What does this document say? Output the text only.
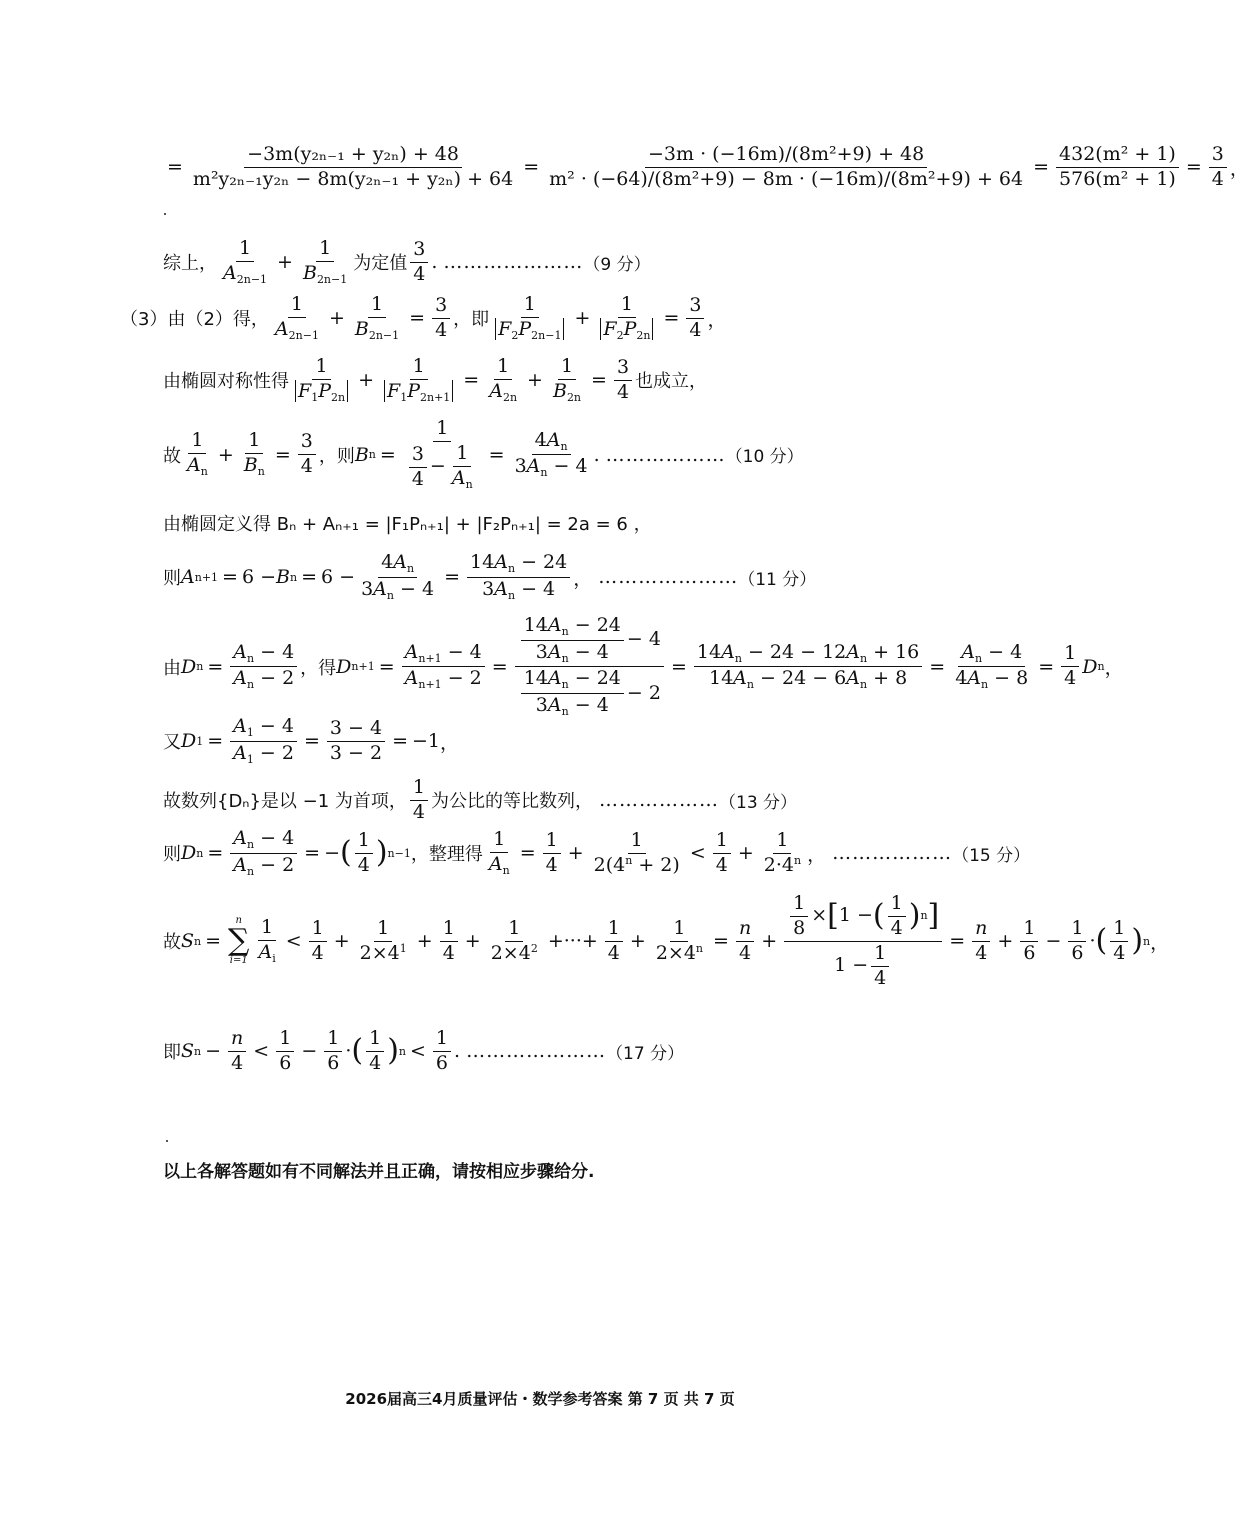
= $\frac{\text{−3m(y₂ₙ₋₁ + y₂ₙ) + 48}}{\text{m²y₂ₙ₋₁y₂ₙ − 8m(y₂ₙ₋₁ + y₂ₙ) + 64}} = \frac{\text{−3m · (−16m)/(8m²+9) + 48}}{\text{m² · (−64)/(8m²+9) − 8m · (−16m)/(8m²+9) + 64}} = \frac{\text{432(m² + 1)}}{\text{576(m² + 1)}} = \frac{3}{4}$ ，
综上， $\frac{1}{A_{2n-1}} + \frac{1}{B_{2n-1}}$ 为定值 $\frac{3}{4}$ . ………………… （9 分）
（3）由（2）得， $\frac{1}{A_{2n-1}} + \frac{1}{B_{2n-1}} = \frac{3}{4}$ ， 即 $\frac{1}{F_2P_{2n-1}} + \frac{1}{F_2P_{2n}} = \frac{3}{4}$ ，
由椭圆对称性得 $\frac{1}{F_1P_{2n}} + \frac{1}{F_1P_{2n+1}} = \frac{1}{A_{2n}} + \frac{1}{B_{2n}} = \frac{3}{4}$ 也成立，
故 $\frac{1}{A_n} + \frac{1}{B_n} = \frac{3}{4}$ ，则 B $n = \frac{1}{\frac{3}{4} - \frac{1}{A_n}} = \frac{4A_n}{3A_n - 4}$ . ……………… （10 分）
由椭圆定义得 Bₙ + Aₙ₊₁ = |F₁Pₙ₊₁| + |F₂Pₙ₊₁| = 2a = 6 ，
则 A n+1 = 6 − B $n = 6 - \frac{4A_n}{3A_n - 4} = \frac{14A_n - 24}{3A_n - 4}$ ， ………………… （11 分）
由 D $n = \frac{A_n - 4}{A_n - 2}$ ，得 D $n+1 = \frac{A_{n+1} - 4}{A_{n+1} - 2} = \frac{\frac{14A_n - 24}{3A_n - 4} - 4}{\frac{14A_n - 24}{3A_n - 4} - 2} = \frac{14A_n - 24 - 12A_n + 16}{14A_n - 24 - 6A_n + 8} = \frac{A_n - 4}{4A_n - 8} = \frac{1}{4}$ D n ，
又 D $1 = \frac{A_1 - 4}{A_1 - 2} = \frac{3 - 4}{3 - 2} = -1$ ，
故数列{Dₙ}是以 −1 为首项， $\frac{1}{4}$ 为公比的等比数列， ……………… （13 分）
则 D $n = \frac{A_n - 4}{A_n - 2}$ = − ( $\frac{1}{4}$ ) n−1 ，整理得 $\frac{1}{A_n} = \frac{1}{4} + \frac{1}{2(4^n + 2)} < \frac{1}{4} + \frac{1}{2\cdot 4^n}$ ， ……………… （15 分）
故 S n =
n
∑
$i=1 \frac{1}{A_i} < \frac{1}{4} + \frac{1}{2\times 4^1} + \frac{1}{4} + \frac{1}{2\times 4^2}$ +···+ $\frac{1}{4} + \frac{1}{2\times 4^n} = \frac{n}{4} + \frac{\frac{1}{8} \times [ 1 - ( \frac{1}{4} ) n ]}{1 - \frac{1}{4}} = \frac{n}{4} + \frac{1}{6} - \frac{1}{6}$ · ( $\frac{1}{4}$ ) n ，
即 S $n - \frac{n}{4} < \frac{1}{6} - \frac{1}{6}$ · ( $\frac{1}{4}$ ) $n < \frac{1}{6}$ . ………………… （17 分）
以上各解答题如有不同解法并且正确，请按相应步骤给分.
2026届高三4月质量评估・数学参考答案 第 7 页 共 7 页
